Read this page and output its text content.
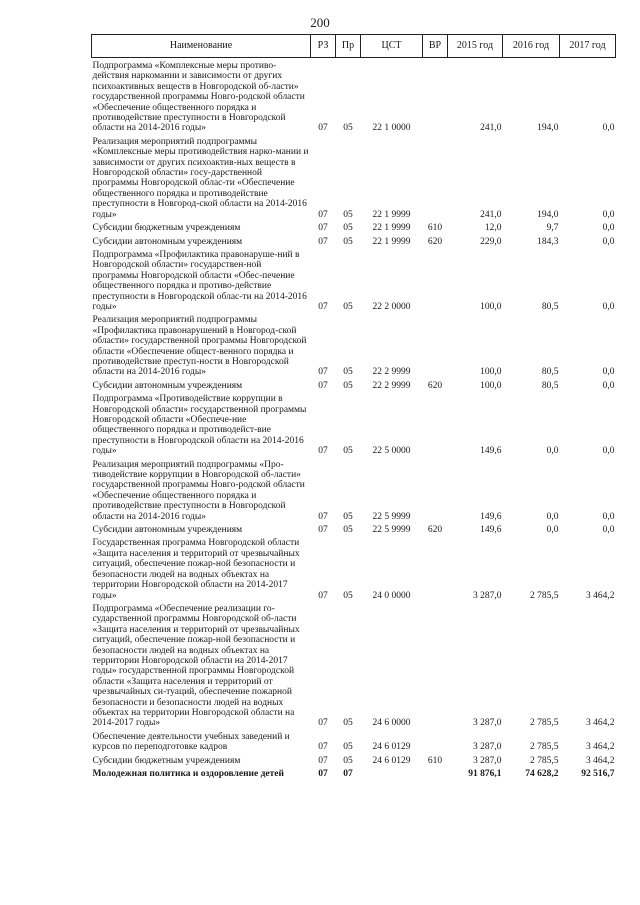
200
Наименование	РЗ	Пр	ЦСТ	ВР	2015 год	2016 год	2017 год
Подпрограмма «Комплексные меры противо-действия наркомании и зависимости от других психоактивных веществ в Новгородской об-ласти» государственной программы Новго-родской области «Обеспечение общественного порядка и противодействие преступности в Новгородской области на 2014-2016 годы»	07	05	22 1 0000		241,0	194,0	0,0
Реализация мероприятий подпрограммы «Комплексные меры противодействия нарко-мании и зависимости от других психоактив-ных веществ в Новгородской области» госу-дарственной программы Новгородской облас-ти «Обеспечение общественного порядка и противодействие преступности в Новгород-ской области на 2014-2016 годы»	07	05	22 1 9999		241,0	194,0	0,0
Субсидии бюджетным учреждениям	07	05	22 1 9999	610	12,0	9,7	0,0
Субсидии автономным учреждениям	07	05	22 1 9999	620	229,0	184,3	0,0
Подпрограмма «Профилактика правонаруше-ний в Новгородской области» государствен-ной программы Новгородской области «Обес-печение общественного порядка и противо-действие преступности в Новгородской облас-ти на 2014-2016 годы»	07	05	22 2 0000		100,0	80,5	0,0
Реализация мероприятий подпрограммы «Профилактика правонарушений в Новгород-ской области» государственной программы Новгородской области «Обеспечение общест-венного порядка и противодействие преступ-ности в Новгородской области на 2014-2016 годы»	07	05	22 2 9999		100,0	80,5	0,0
Субсидии автономным учреждениям	07	05	22 2 9999	620	100,0	80,5	0,0
Подпрограмма «Противодействие коррупции в Новгородской области» государственной программы Новгородской области «Обеспече-ние общественного порядка и противодейст-вие преступности в Новгородской области на 2014-2016 годы»	07	05	22 5 0000		149,6	0,0	0,0
Реализация мероприятий подпрограммы «Про-тиводействие коррупции в Новгородской об-ласти» государственной программы Новго-родской области «Обеспечение общественного порядка и противодействие преступности в Новгородской области на 2014-2016 годы»	07	05	22 5 9999		149,6	0,0	0,0
Субсидии автономным учреждениям	07	05	22 5 9999	620	149,6	0,0	0,0
Государственная программа Новгородской области «Защита населения и территорий от чрезвычайных ситуаций, обеспечение пожар-ной безопасности и безопасности людей на водных объектах на территории Новгородской области на 2014-2017 годы»	07	05	24 0 0000		3 287,0	2 785,5	3 464,2
Подпрограмма «Обеспечение реализации го-сударственной программы Новгородской об-ласти «Защита населения и территорий от чрезвычайных ситуаций, обеспечение пожар-ной безопасности и безопасности людей на водных объектах на территории Новгородской области на 2014-2017 годы» государственной программы Новгородской области «Защита населения и территорий от чрезвычайных си-туаций, обеспечение пожарной безопасности и безопасности людей на водных объектах на территории Новгородской области на 2014-2017 годы»	07	05	24 6 0000		3 287,0	2 785,5	3 464,2
Обеспечение деятельности учебных заведений и курсов по переподготовке кадров	07	05	24 6 0129		3 287,0	2 785,5	3 464,2
Субсидии бюджетным учреждениям	07	05	24 6 0129	610	3 287,0	2 785,5	3 464,2
Молодежная политика и оздоровление детей	07	07			91 876,1	74 628,2	92 516,7
